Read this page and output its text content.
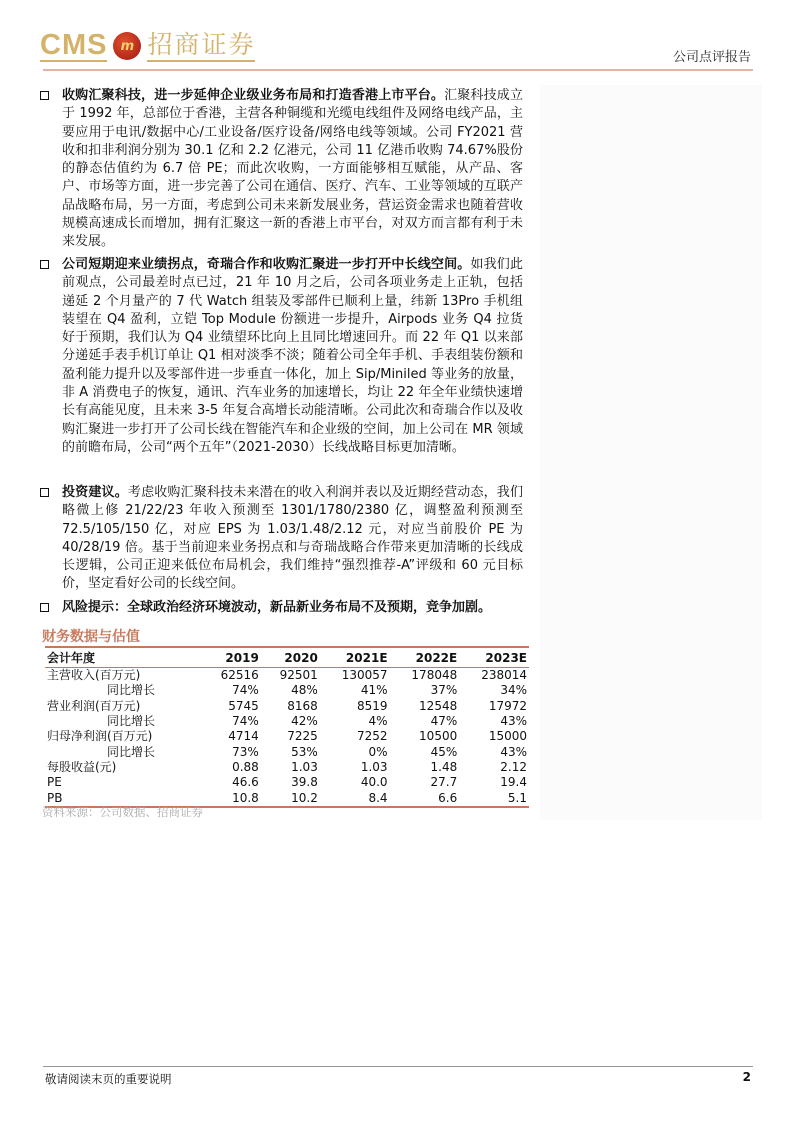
CMS	m 招商证券	公司点评报告
收购汇聚科技，进一步延伸企业级业务布局和打造香港上市平台。汇聚科技成立于 1992 年，总部位于香港，主营各种铜缆和光缆电线组件及网络电线产品，主要应用于电讯/数据中心/工业设备/医疗设备/网络电线等领域。公司 FY2021 营收和扣非利润分别为 30.1 亿和 2.2 亿港元，公司 11 亿港币收购 74.67%股份的静态估值约为 6.7 倍 PE；而此次收购，一方面能够相互赋能，从产品、客户、市场等方面，进一步完善了公司在通信、医疗、汽车、工业等领域的互联产品战略布局，另一方面，考虑到公司未来新发展业务，营运资金需求也随着营收规模高速成长而增加，拥有汇聚这一新的香港上市平台，对双方而言都有利于未来发展。
公司短期迎来业绩拐点，奇瑞合作和收购汇聚进一步打开中长线空间。如我们此前观点，公司最差时点已过，21 年 10 月之后，公司各项业务走上正轨，包括递延 2 个月量产的 7 代 Watch 组装及零部件已顺利上量，纬新 13Pro 手机组装望在 Q4 盈利，立铠 Top Module 份额进一步提升，Airpods 业务 Q4 拉货好于预期，我们认为 Q4 业绩望环比向上且同比增速回升。而 22 年 Q1 以来部分递延手表手机订单让 Q1 相对淡季不淡；随着公司全年手机、手表组装份额和盈利能力提升以及零部件进一步垂直一体化，加上 Sip/Miniled 等业务的放量，非 A 消费电子的恢复，通讯、汽车业务的加速增长，均让 22 年全年业绩快速增长有高能见度，且未来 3-5 年复合高增长动能清晰。公司此次和奇瑞合作以及收购汇聚进一步打开了公司长线在智能汽车和企业级的空间，加上公司在 MR 领域的前瞻布局，公司“两个五年”（2021-2030）长线战略目标更加清晰。
投资建议。考虑收购汇聚科技未来潜在的收入利润并表以及近期经营动态，我们略微上修 21/22/23 年收入预测至 1301/1780/2380 亿，调整盈利预测至 72.5/105/150 亿，对应 EPS 为 1.03/1.48/2.12 元，对应当前股价 PE 为 40/28/19 倍。基于当前迎来业务拐点和与奇瑞战略合作带来更加清晰的长线成长逻辑，公司正迎来低位布局机会，我们维持“强烈推荐-A”评级和 60 元目标价，坚定看好公司的长线空间。
风险提示：全球政治经济环境波动，新品新业务布局不及预期，竞争加剧。
财务数据与估值
会计年度	2019	2020	2021E	2022E	2023E
主营收入(百万元)	62516	92501	130057	178048	238014
同比增长	74%	48%	41%	37%	34%
营业利润(百万元)	5745	8168	8519	12548	17972
同比增长	74%	42%	4%	47%	43%
归母净利润(百万元)	4714	7225	7252	10500	15000
同比增长	73%	53%	0%	45%	43%
每股收益(元)	0.88	1.03	1.03	1.48	2.12
PE	46.6	39.8	40.0	27.7	19.4
PB	10.8	10.2	8.4	6.6	5.1
资料来源：公司数据、招商证券
敬请阅读末页的重要说明	2
